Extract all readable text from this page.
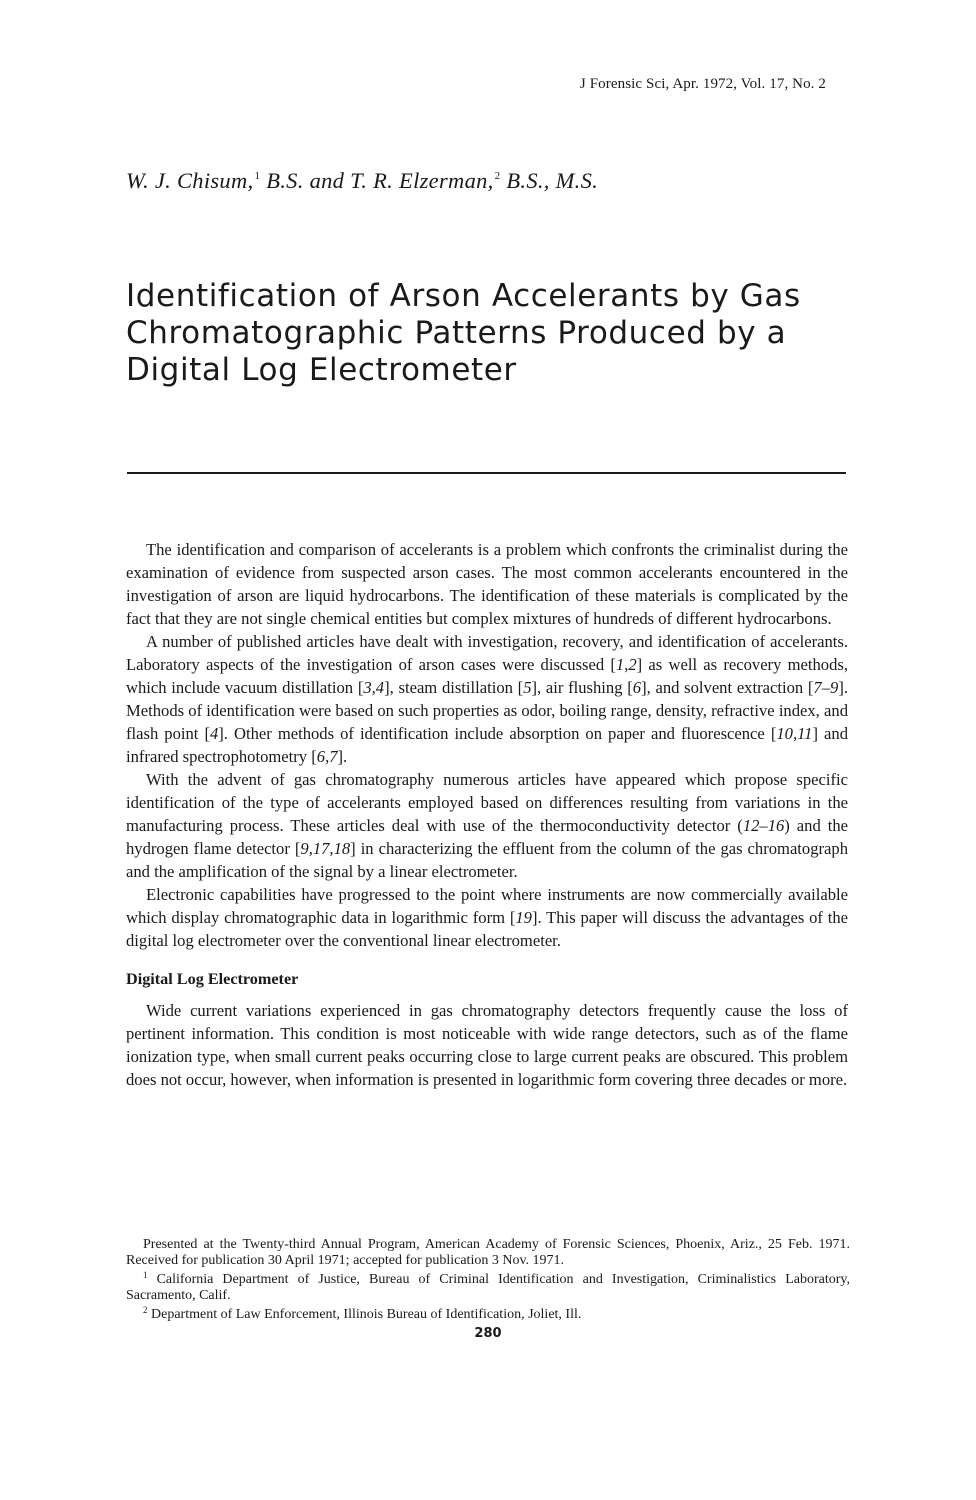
J Forensic Sci, Apr. 1972, Vol. 17, No. 2
W. J. Chisum,$^1$ B.S. and T. R. Elzerman,$^2$ B.S., M.S.
Identification of Arson Accelerants by Gas
Chromatographic Patterns Produced by a
Digital Log Electrometer

The identification and comparison of accelerants is a problem which confronts the criminalist during the examination of evidence from suspected arson cases. The most common accelerants encountered in the investigation of arson are liquid hydrocarbons. The identification of these materials is complicated by the fact that they are not single chemical entities but complex mixtures of hundreds of different hydrocarbons.

A number of published articles have dealt with investigation, recovery, and identification of accelerants. Laboratory aspects of the investigation of arson cases were discussed [1,2] as well as recovery methods, which include vacuum distillation [3,4], steam distillation [5], air flushing [6], and solvent extraction [7–9]. Methods of identification were based on such properties as odor, boiling range, density, refractive index, and flash point [4]. Other methods of identification include absorption on paper and fluorescence [10,11] and infrared spectrophotometry [6,7].

With the advent of gas chromatography numerous articles have appeared which propose specific identification of the type of accelerants employed based on differences resulting from variations in the manufacturing process. These articles deal with use of the thermoconductivity detector (12–16) and the hydrogen flame detector [9,17,18] in characterizing the effluent from the column of the gas chromatograph and the amplification of the signal by a linear electrometer.

Electronic capabilities have progressed to the point where instruments are now commercially available which display chromatographic data in logarithmic form [19]. This paper will discuss the advantages of the digital log electrometer over the conventional linear electrometer.

Digital Log Electrometer

Wide current variations experienced in gas chromatography detectors frequently cause the loss of pertinent information. This condition is most noticeable with wide range detectors, such as of the flame ionization type, when small current peaks occurring close to large current peaks are obscured. This problem does not occur, however, when information is presented in logarithmic form covering three decades or more.

Presented at the Twenty-third Annual Program, American Academy of Forensic Sciences, Phoenix, Ariz., 25 Feb. 1971. Received for publication 30 April 1971; accepted for publication 3 Nov. 1971.

$^1$ California Department of Justice, Bureau of Criminal Identification and Investigation, Criminalistics Laboratory, Sacramento, Calif.

$^2$ Department of Law Enforcement, Illinois Bureau of Identification, Joliet, Ill.

280
